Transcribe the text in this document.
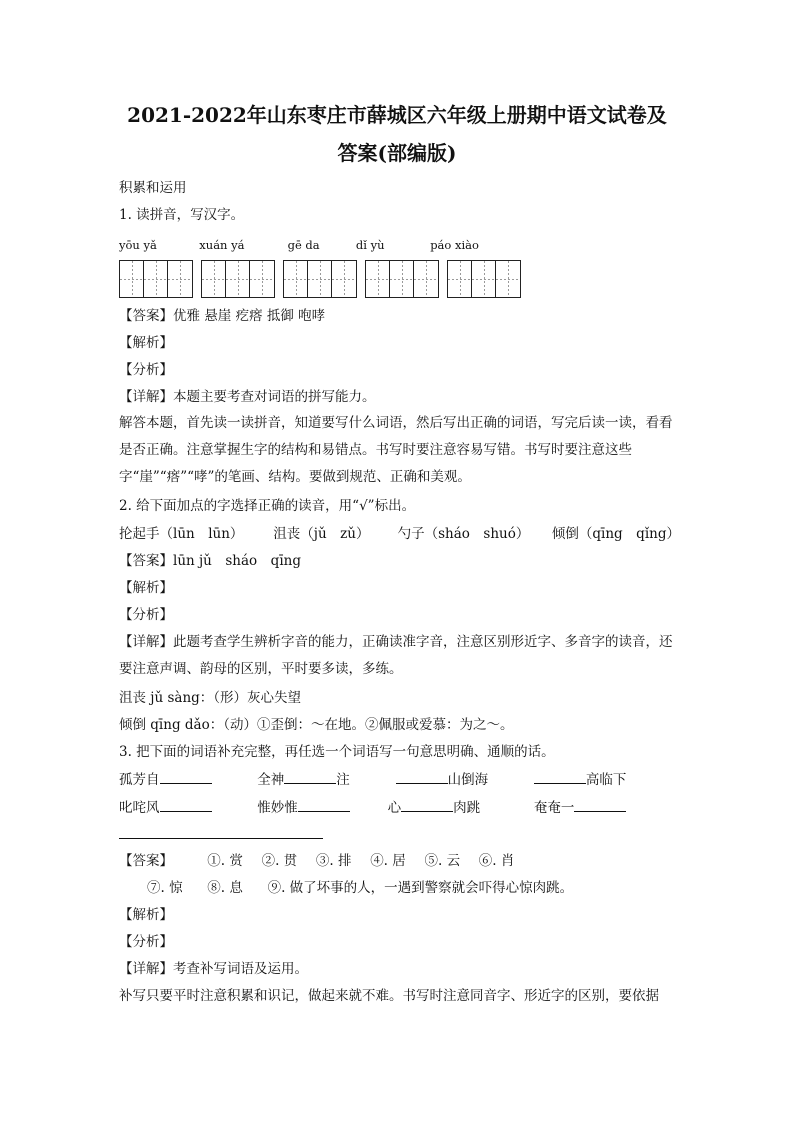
2021-2022年山东枣庄市薛城区六年级上册期中语文试卷及
答案(部编版)
积累和运用
1. 读拼音，写汉字。
yōu yǎ	xuán yá	gē da	dǐ yù	páo xiào
【答案】优雅 悬崖 疙瘩 抵御 咆哮
【解析】
【分析】
【详解】本题主要考查对词语的拼写能力。
解答本题，首先读一读拼音，知道要写什么词语，然后写出正确的词语，写完后读一读，看看是否正确。注意掌握生字的结构和易错点。书写时要注意容易写错。书写时要注意这些字“崖”“瘩”“哮”的笔画、结构。要做到规范、正确和美观。
2. 给下面加点的字选择正确的读音，用“√”标出。
抡起手（lūn　lūn） 沮丧（jǔ　zǔ） 勺子（sháo　shuó） 倾倒（qīng　qǐng）
【答案】lūn jǔ　sháo　qīng
【解析】
【分析】
【详解】此题考查学生辨析字音的能力，正确读准字音，注意区别形近字、多音字的读音，还要注意声调、韵母的区别，平时要多读，多练。
沮丧 jǔ sàng：（形）灰心失望
倾倒 qīng dǎo：（动）①歪倒：～在地。②佩服或爱慕：为之～。
3. 把下面的词语补充完整，再任选一个词语写一句意思明确、通顺的话。
孤芳自	全神	注	山倒海	高临下
叱咤风	惟妙惟	心	肉跳	奄奄一
【答案】	①. 赏 ②. 贯 ③. 排 ④. 居 ⑤. 云 ⑥. 肖
⑦. 惊 ⑧. 息 ⑨. 做了坏事的人，一遇到警察就会吓得心惊肉跳。
【解析】
【分析】
【详解】考查补写词语及运用。
补写只要平时注意积累和识记，做起来就不难。书写时注意同音字、形近字的区别，要依据
